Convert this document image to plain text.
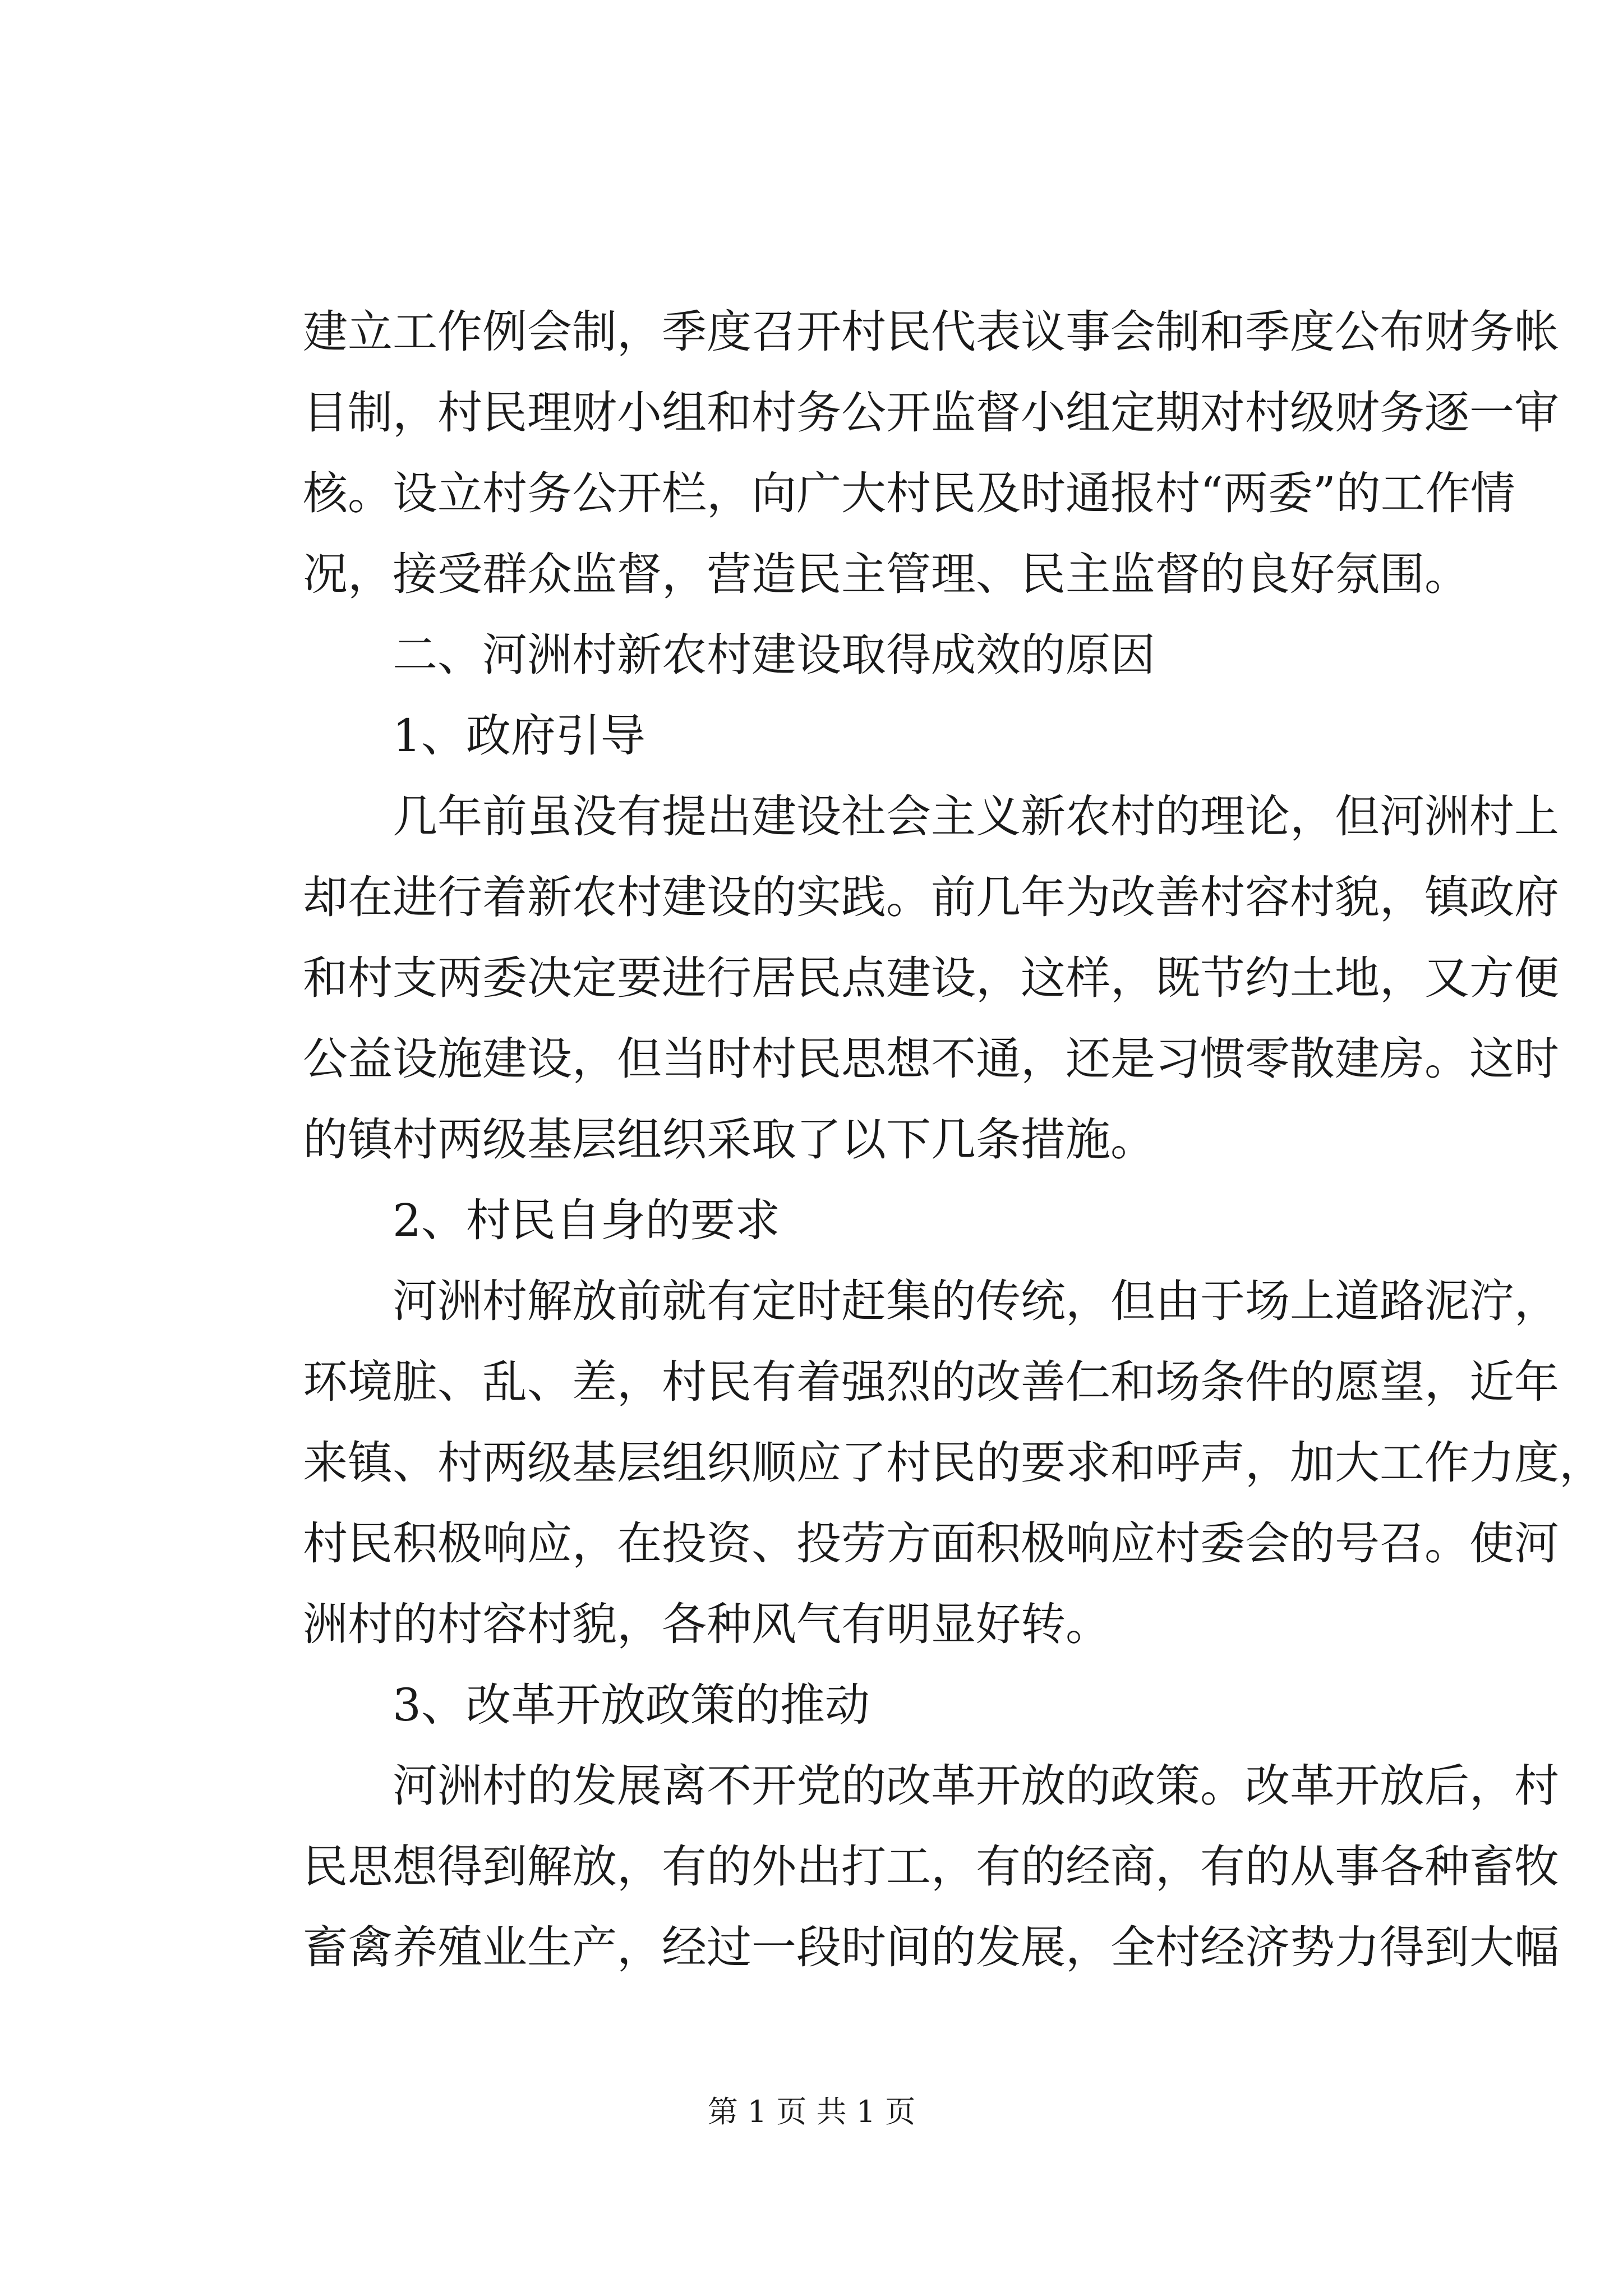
建立工作例会制，季度召开村民代表议事会制和季度公布财务帐
目制，村民理财小组和村务公开监督小组定期对村级财务逐一审
核。设立村务公开栏，向广大村民及时通报村“两委”的工作情
况，接受群众监督，营造民主管理、民主监督的良好氛围。
二、河洲村新农村建设取得成效的原因
1、政府引导
几年前虽没有提出建设社会主义新农村的理论，但河洲村上
却在进行着新农村建设的实践。前几年为改善村容村貌，镇政府
和村支两委决定要进行居民点建设，这样，既节约土地，又方便
公益设施建设，但当时村民思想不通，还是习惯零散建房。这时
的镇村两级基层组织采取了以下几条措施。
2、村民自身的要求
河洲村解放前就有定时赶集的传统，但由于场上道路泥泞，
环境脏、乱、差，村民有着强烈的改善仁和场条件的愿望，近年
来镇、村两级基层组织顺应了村民的要求和呼声，加大工作力度，
村民积极响应，在投资、投劳方面积极响应村委会的号召。使河
洲村的村容村貌，各种风气有明显好转。
3、改革开放政策的推动
河洲村的发展离不开党的改革开放的政策。改革开放后，村
民思想得到解放，有的外出打工，有的经商，有的从事各种畜牧
畜禽养殖业生产，经过一段时间的发展，全村经济势力得到大幅
第 1 页 共 1 页
